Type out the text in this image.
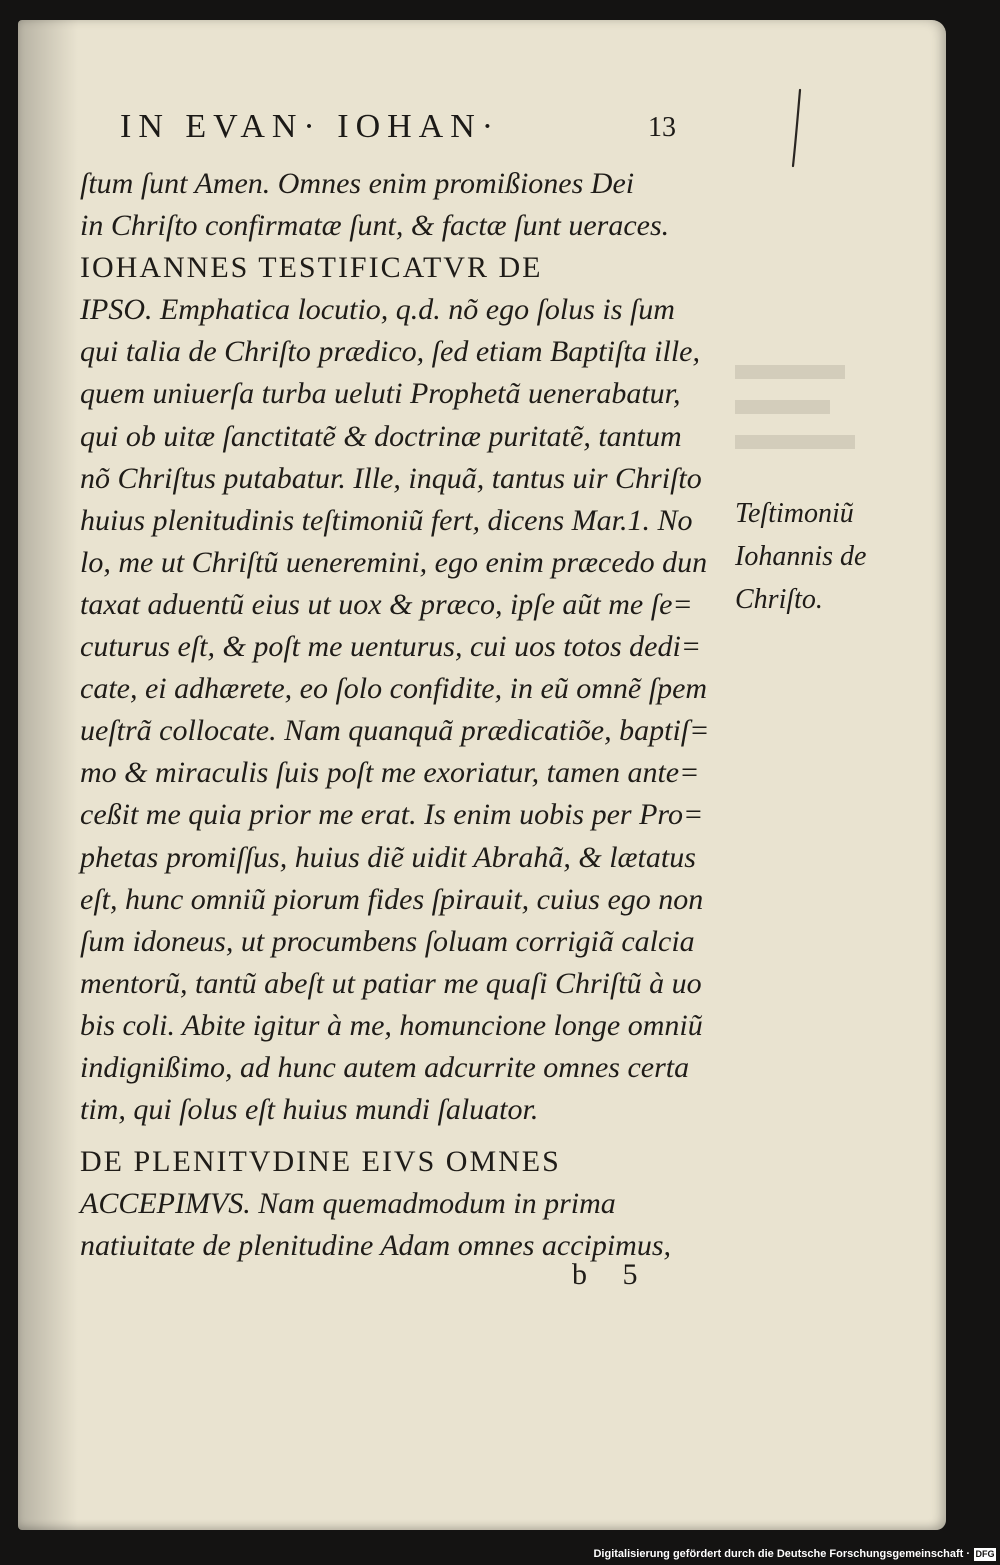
IN EVAN· IOHAN·	13
ſtum ſunt Amen. Omnes enim promißiones Dei
in Chriſto confirmatæ ſunt, & factæ ſunt ueraces.
IOHANNES TESTIFICATVR DE
IPSO. Emphatica locutio, q.d. nõ ego ſolus is ſum
qui talia de Chriſto prædico, ſed etiam Baptiſta ille,
quem uniuerſa turba ueluti Prophetã uenerabatur,
qui ob uitæ ſanctitatẽ & doctrinæ puritatẽ, tantum
nõ Chriſtus putabatur. Ille, inquã, tantus uir Chriſto
huius plenitudinis teſtimoniũ fert, dicens Mar.1. No
lo, me ut Chriſtũ ueneremini, ego enim præcedo dun
taxat aduentũ eius ut uox & præco, ipſe aũt me ſe=
cuturus eſt, & poſt me uenturus, cui uos totos dedi=
cate, ei adhærete, eo ſolo confidite, in eũ omnẽ ſpem
ueſtrã collocate. Nam quanquã prædicatiõe, baptiſ=
mo & miraculis ſuis poſt me exoriatur, tamen ante=
ceßit me quia prior me erat. Is enim uobis per Pro=
phetas promiſſus, huius diẽ uidit Abrahã, & lætatus
eſt, hunc omniũ piorum fides ſpirauit, cuius ego non
ſum idoneus, ut procumbens ſoluam corrigiã calcia
mentorũ, tantũ abeſt ut patiar me quaſi Chriſtũ à uo
bis coli. Abite igitur à me, homuncione longe omniũ
indignißimo, ad hunc autem adcurrite omnes certa
tim, qui ſolus eſt huius mundi ſaluator.
DE PLENITVDINE EIVS OMNES
ACCEPIMVS. Nam quemadmodum in prima
natiuitate de plenitudine Adam omnes accipimus,
Teſtimoniũ
Iohannis de
Chriſto.
b 5
Digitalisierung gefördert durch die Deutsche Forschungsgemeinschaft · DFG
